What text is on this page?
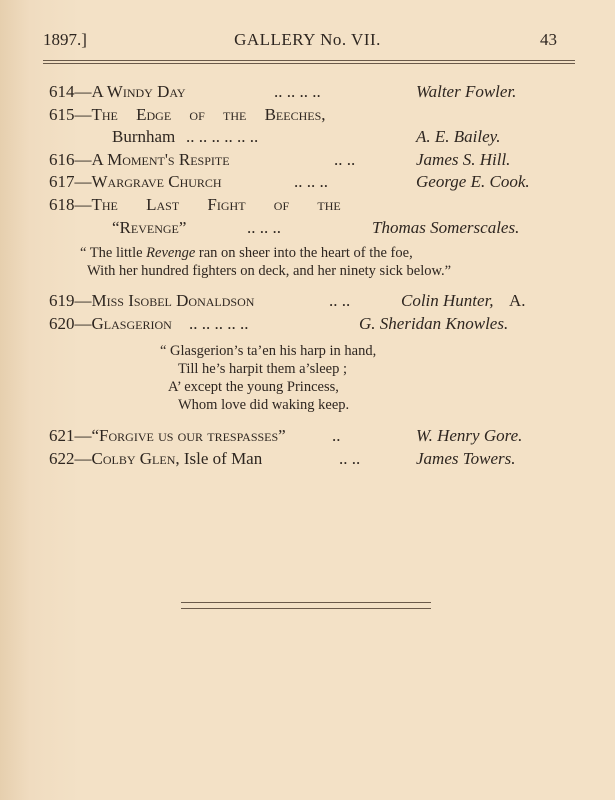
1897.]	GALLERY No. VII.	43
614—A Windy Day	.. .. .. ..	Walter Fowler.
615—The Edge of the Beeches,
Burnham .. .. .. .. .. ..	A. E. Bailey.
616—A Moment's Respite	.. ..	James S. Hill.
617—Wargrave Church	.. .. ..	George E. Cook.
618—The Last Fight of the
“Revenge”	.. .. ..	Thomas Somerscales.
“ The little Revenge ran on sheer into the heart of the foe,
With her hundred fighters on deck, and her ninety sick below.”
619—Miss Isobel Donaldson	.. ..	Colin Hunter, A.
620—Glasgerion .. .. .. .. ..	G. Sheridan Knowles.
“ Glasgerion’s ta’en his harp in hand,
Till he’s harpit them a’sleep ;
A’ except the young Princess,
Whom love did waking keep.
621—“Forgive us our trespasses”	..	W. Henry Gore.
622—Colby Glen, Isle of Man	.. ..	James Towers.
